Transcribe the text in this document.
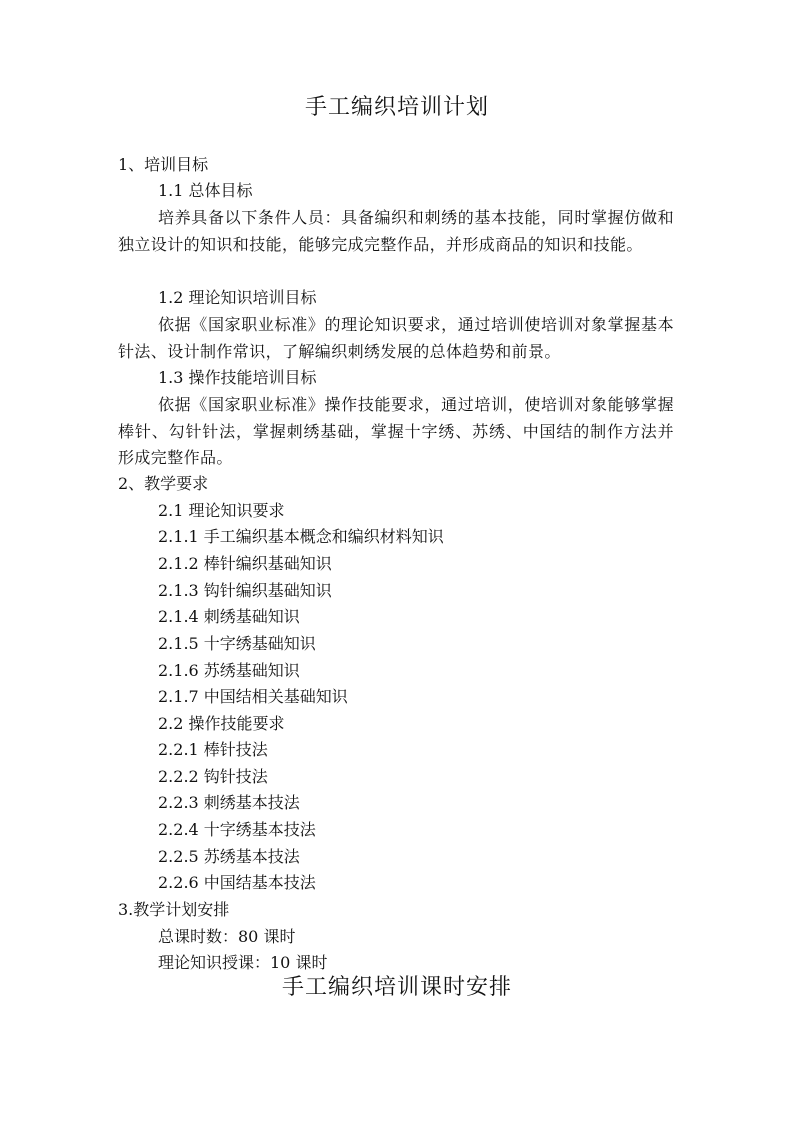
手工编织培训计划
1、培训目标
1.1 总体目标
培养具备以下条件人员：具备编织和刺绣的基本技能，同时掌握仿做和独立设计的知识和技能，能够完成完整作品，并形成商品的知识和技能。
1.2 理论知识培训目标
依据《国家职业标准》的理论知识要求，通过培训使培训对象掌握基本针法、设计制作常识，了解编织刺绣发展的总体趋势和前景。
1.3 操作技能培训目标
依据《国家职业标准》操作技能要求，通过培训，使培训对象能够掌握棒针、勾针针法，掌握刺绣基础，掌握十字绣、苏绣、中国结的制作方法并形成完整作品。
2、教学要求
2.1 理论知识要求
2.1.1 手工编织基本概念和编织材料知识
2.1.2 棒针编织基础知识
2.1.3 钩针编织基础知识
2.1.4 刺绣基础知识
2.1.5 十字绣基础知识
2.1.6 苏绣基础知识
2.1.7 中国结相关基础知识
2.2 操作技能要求
2.2.1 棒针技法
2.2.2 钩针技法
2.2.3 刺绣基本技法
2.2.4 十字绣基本技法
2.2.5 苏绣基本技法
2.2.6 中国结基本技法
3.教学计划安排
总课时数：80 课时
理论知识授课：10 课时
手工编织培训课时安排
